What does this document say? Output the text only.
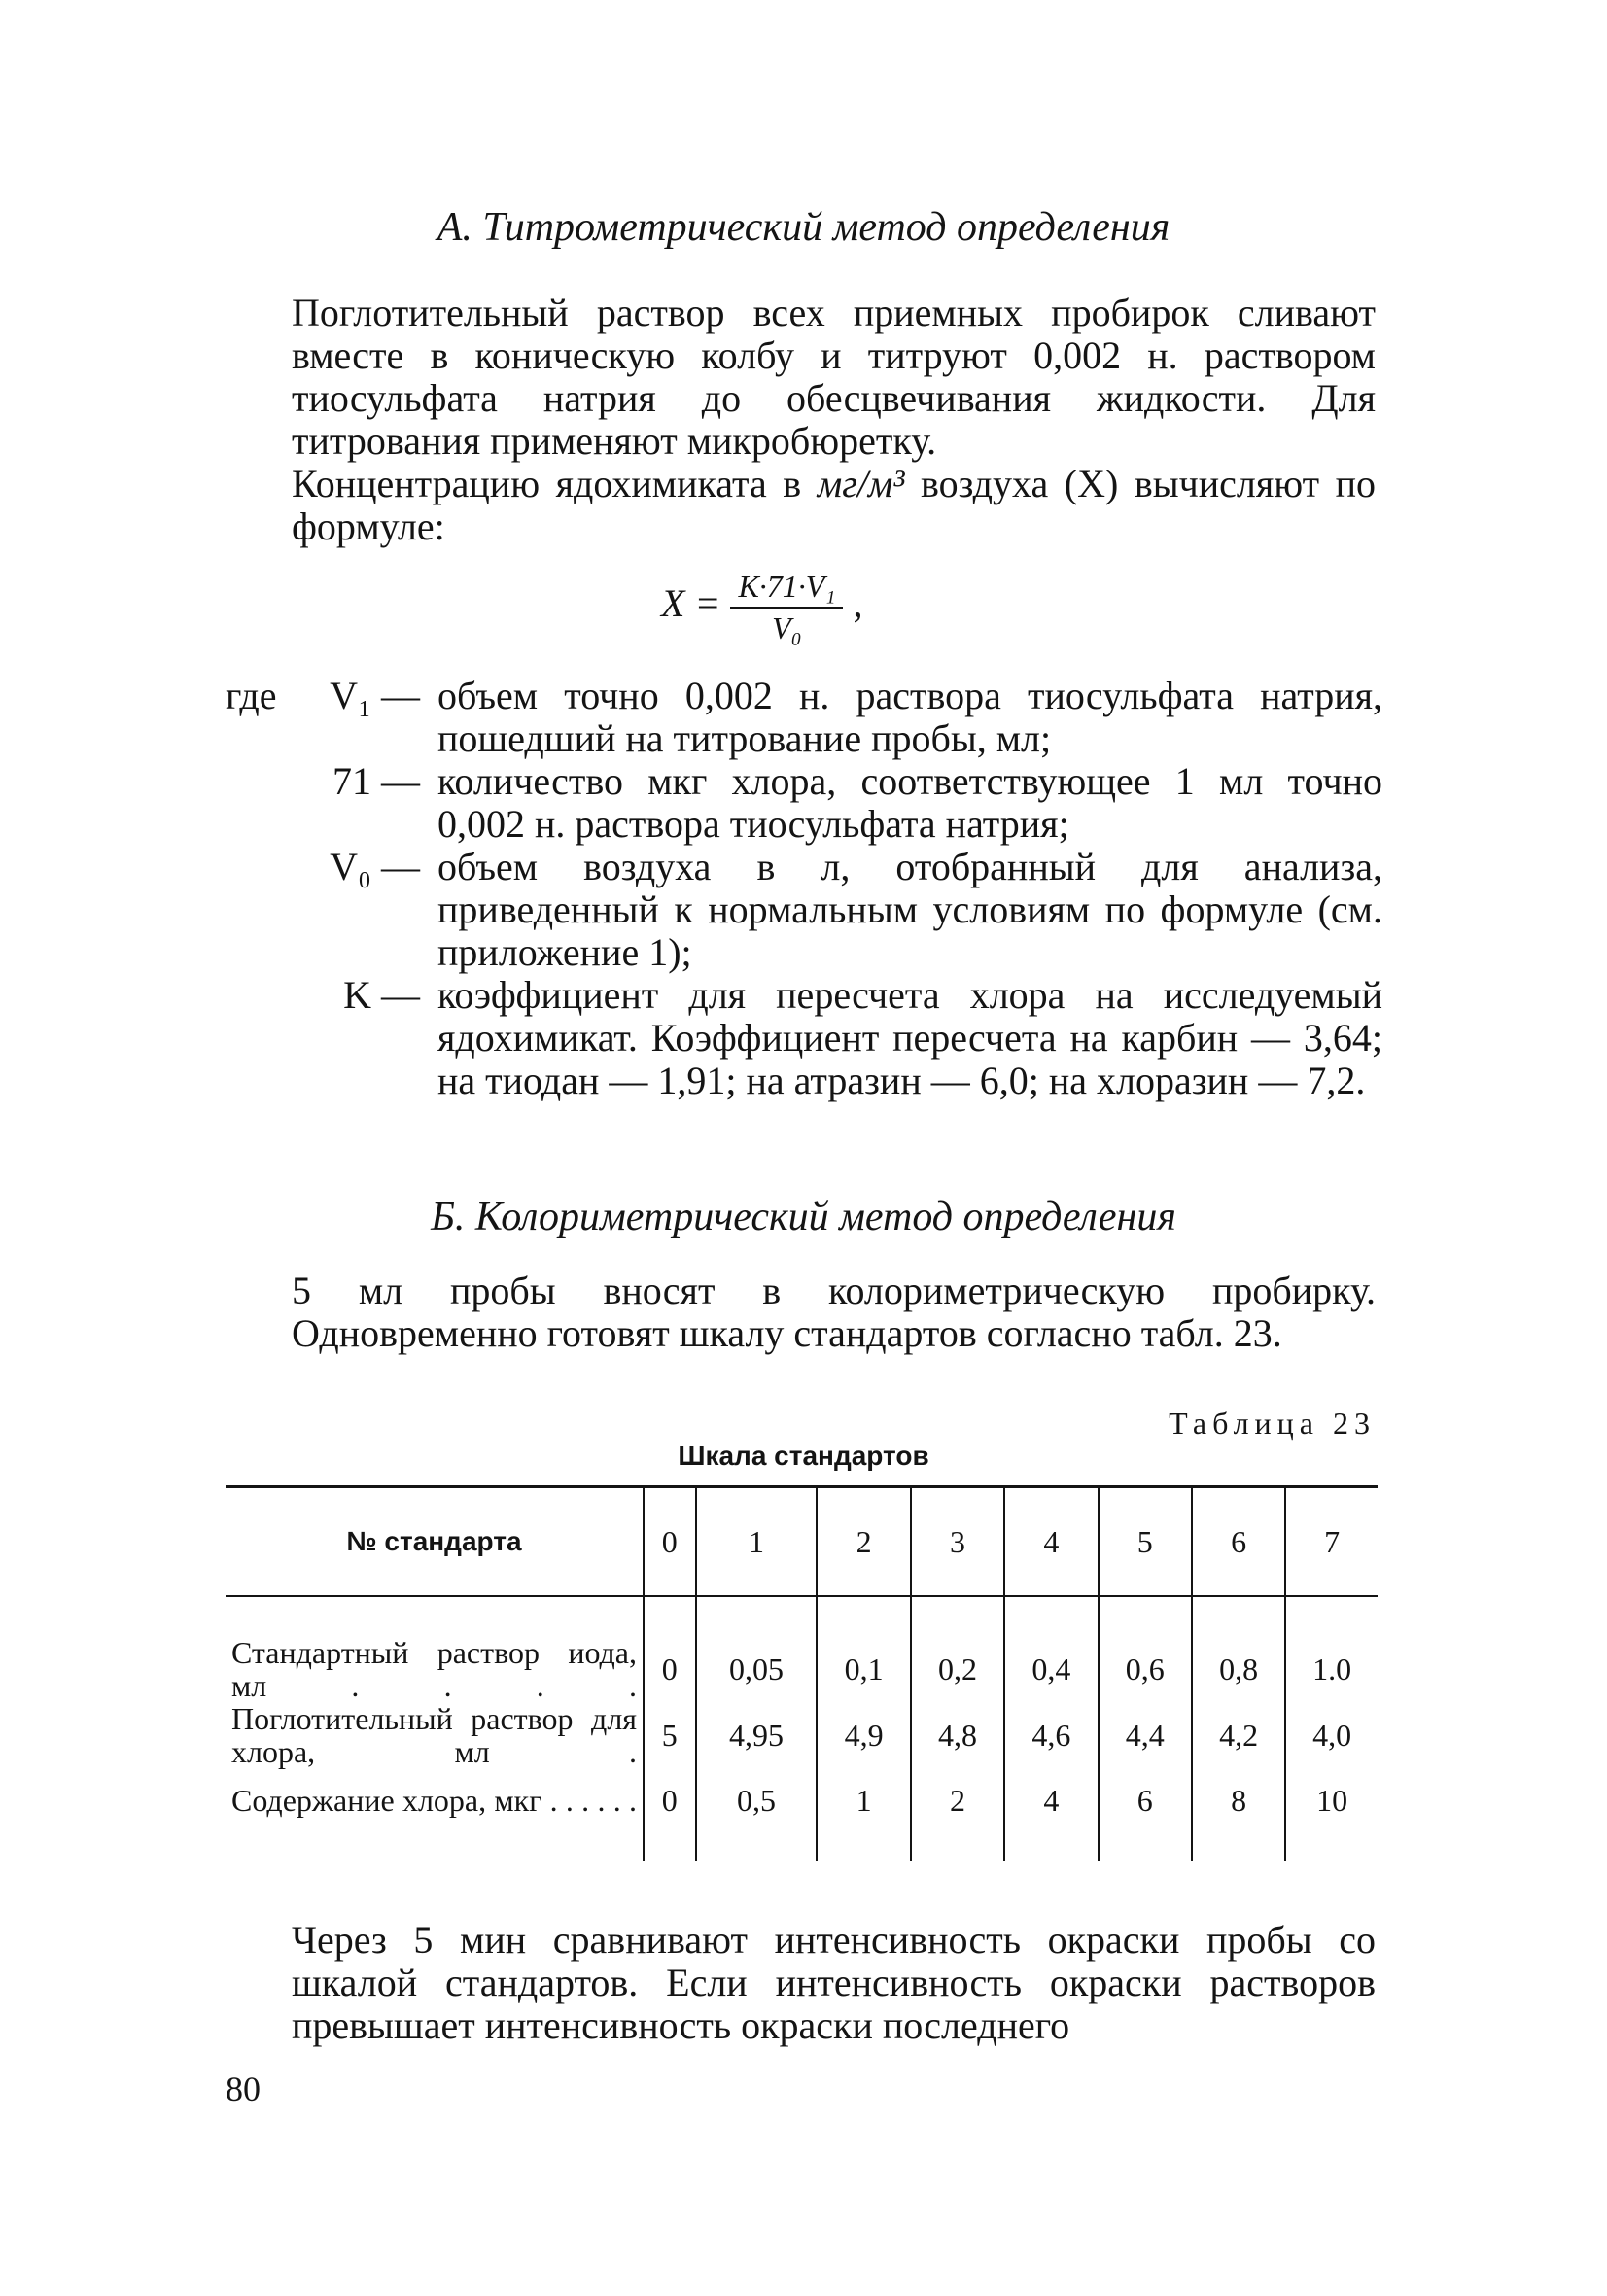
А. Титрометрический метод определения
Поглотительный раствор всех приемных пробирок сливают вместе в коническую колбу и титруют 0,002 н. раствором тиосульфата натрия до обесцвечивания жидкости. Для титрования применяют микробюретку.
Концентрацию ядохимиката в мг/м³ воздуха (X) вычисляют по формуле:
$X = \frac{\text{K·71·V₁}}{\text{V₀}}$ ,
где V₁ — объем точно 0,002 н. раствора тиосульфата натрия, пошедший на титрование пробы, мл;
71 — количество мкг хлора, соответствующее 1 мл точно 0,002 н. раствора тиосульфата натрия;
V₀ — объем воздуха в л, отобранный для анализа, приведенный к нормальным условиям по формуле (см. приложение 1);
K — коэффициент для пересчета хлора на исследуемый ядохимикат. Коэффициент пересчета на карбин — 3,64; на тиодан — 1,91; на атразин — 6,0; на хлоразин — 7,2.
Б. Колориметрический метод определения
5 мл пробы вносят в колориметрическую пробирку. Одновременно готовят шкалу стандартов согласно табл. 23.
Таблица 23
Шкала стандартов
№ стандарта	0	1	2	3	4	5	6	7

Стандартный раствор иода, мл . . . .	0	0,05	0,1	0,2	0,4	0,6	0,8	1.0

Поглотительный раствор для хлора, мл .	5	4,95	4,9	4,8	4,6	4,4	4,2	4,0

Содержание хлора, мкг . . . . . .	0	0,5	1	2	4	6	8	10
Через 5 мин сравнивают интенсивность окраски пробы со шкалой стандартов. Если интенсивность окраски растворов превышает интенсивность окраски последнего
80
